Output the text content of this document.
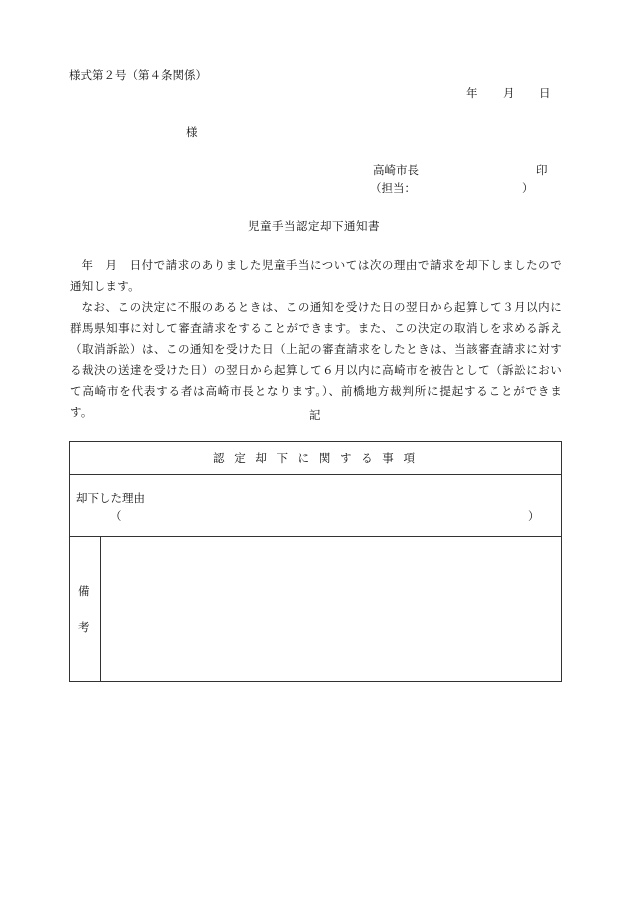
様式第２号（第４条関係）
年 月 日
様
高崎市長	印
（担当：	）
児童手当認定却下通知書

年　月　日付で請求のありました児童手当については次の理由で請求を却下しましたので通知します。

なお、この決定に不服のあるときは、この通知を受けた日の翌日から起算して３月以内に群馬県知事に対して審査請求をすることができます。また、この決定の取消しを求める訴え（取消訴訟）は、この通知を受けた日（上記の審査請求をしたときは、当該審査請求に対する裁決の送達を受けた日）の翌日から起算して６月以内に高崎市を被告として（訴訟において高崎市を代表する者は高崎市長となります。）、前橋地方裁判所に提起することができます。	記
認 定 却 下 に 関 す る 事 項

却下した理由
（	）

備
考
